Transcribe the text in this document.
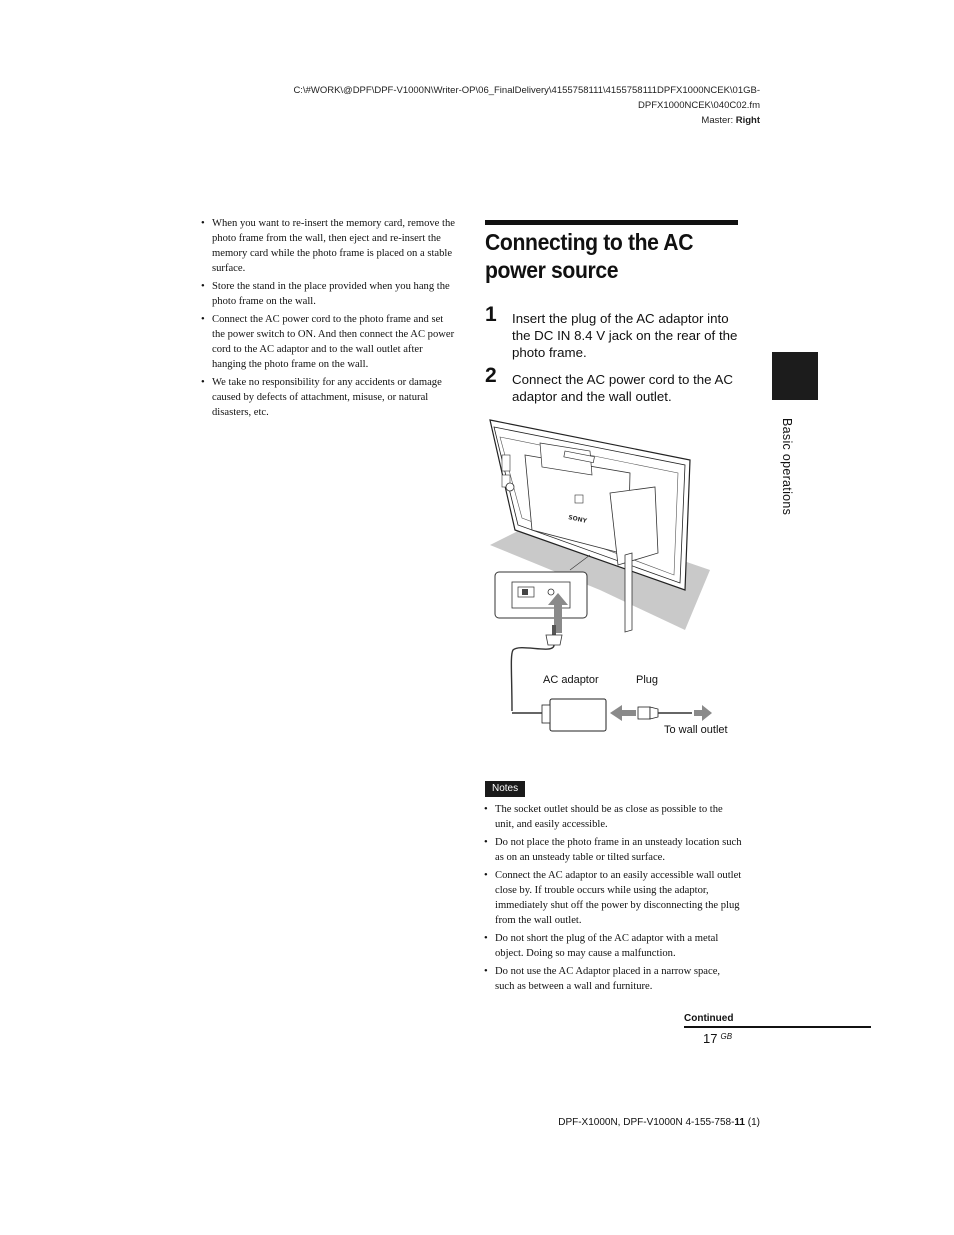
C:\#WORK\@DPF\DPF-V1000N\Writer-OP\06_FinalDelivery\4155758111\4155758111DPFX1000NCEK\01GB-
DPFX1000NCEK\040C02.fm
Master: Right
• When you want to re-insert the memory card, remove the photo frame from the wall, then eject and re-insert the memory card while the photo frame is placed on a stable surface.
• Store the stand in the place provided when you hang the photo frame on the wall.
• Connect the AC power cord to the photo frame and set the power switch to ON. And then connect the AC power cord to the AC adaptor and to the wall outlet after hanging the photo frame on the wall.
• We take no responsibility for any accidents or damage caused by defects of attachment, misuse, or natural disasters, etc.
Connecting to the AC
power source
1 Insert the plug of the AC adaptor into the DC IN 8.4 V jack on the rear of the photo frame.
2 Connect the AC power cord to the AC adaptor and the wall outlet.
Basic operations
SONY
AC adaptor	Plug
To wall outlet
Notes
• The socket outlet should be as close as possible to the unit, and easily accessible.
• Do not place the photo frame in an unsteady location such as on an unsteady table or tilted surface.
• Connect the AC adaptor to an easily accessible wall outlet close by. If trouble occurs while using the adaptor, immediately shut off the power by disconnecting the plug from the wall outlet.
• Do not short the plug of the AC adaptor with a metal object. Doing so may cause a malfunction.
• Do not use the AC Adaptor placed in a narrow space, such as between a wall and furniture.
Continued
17 $^{GB}$
DPF-X1000N, DPF-V1000N 4-155-758-11 (1)
